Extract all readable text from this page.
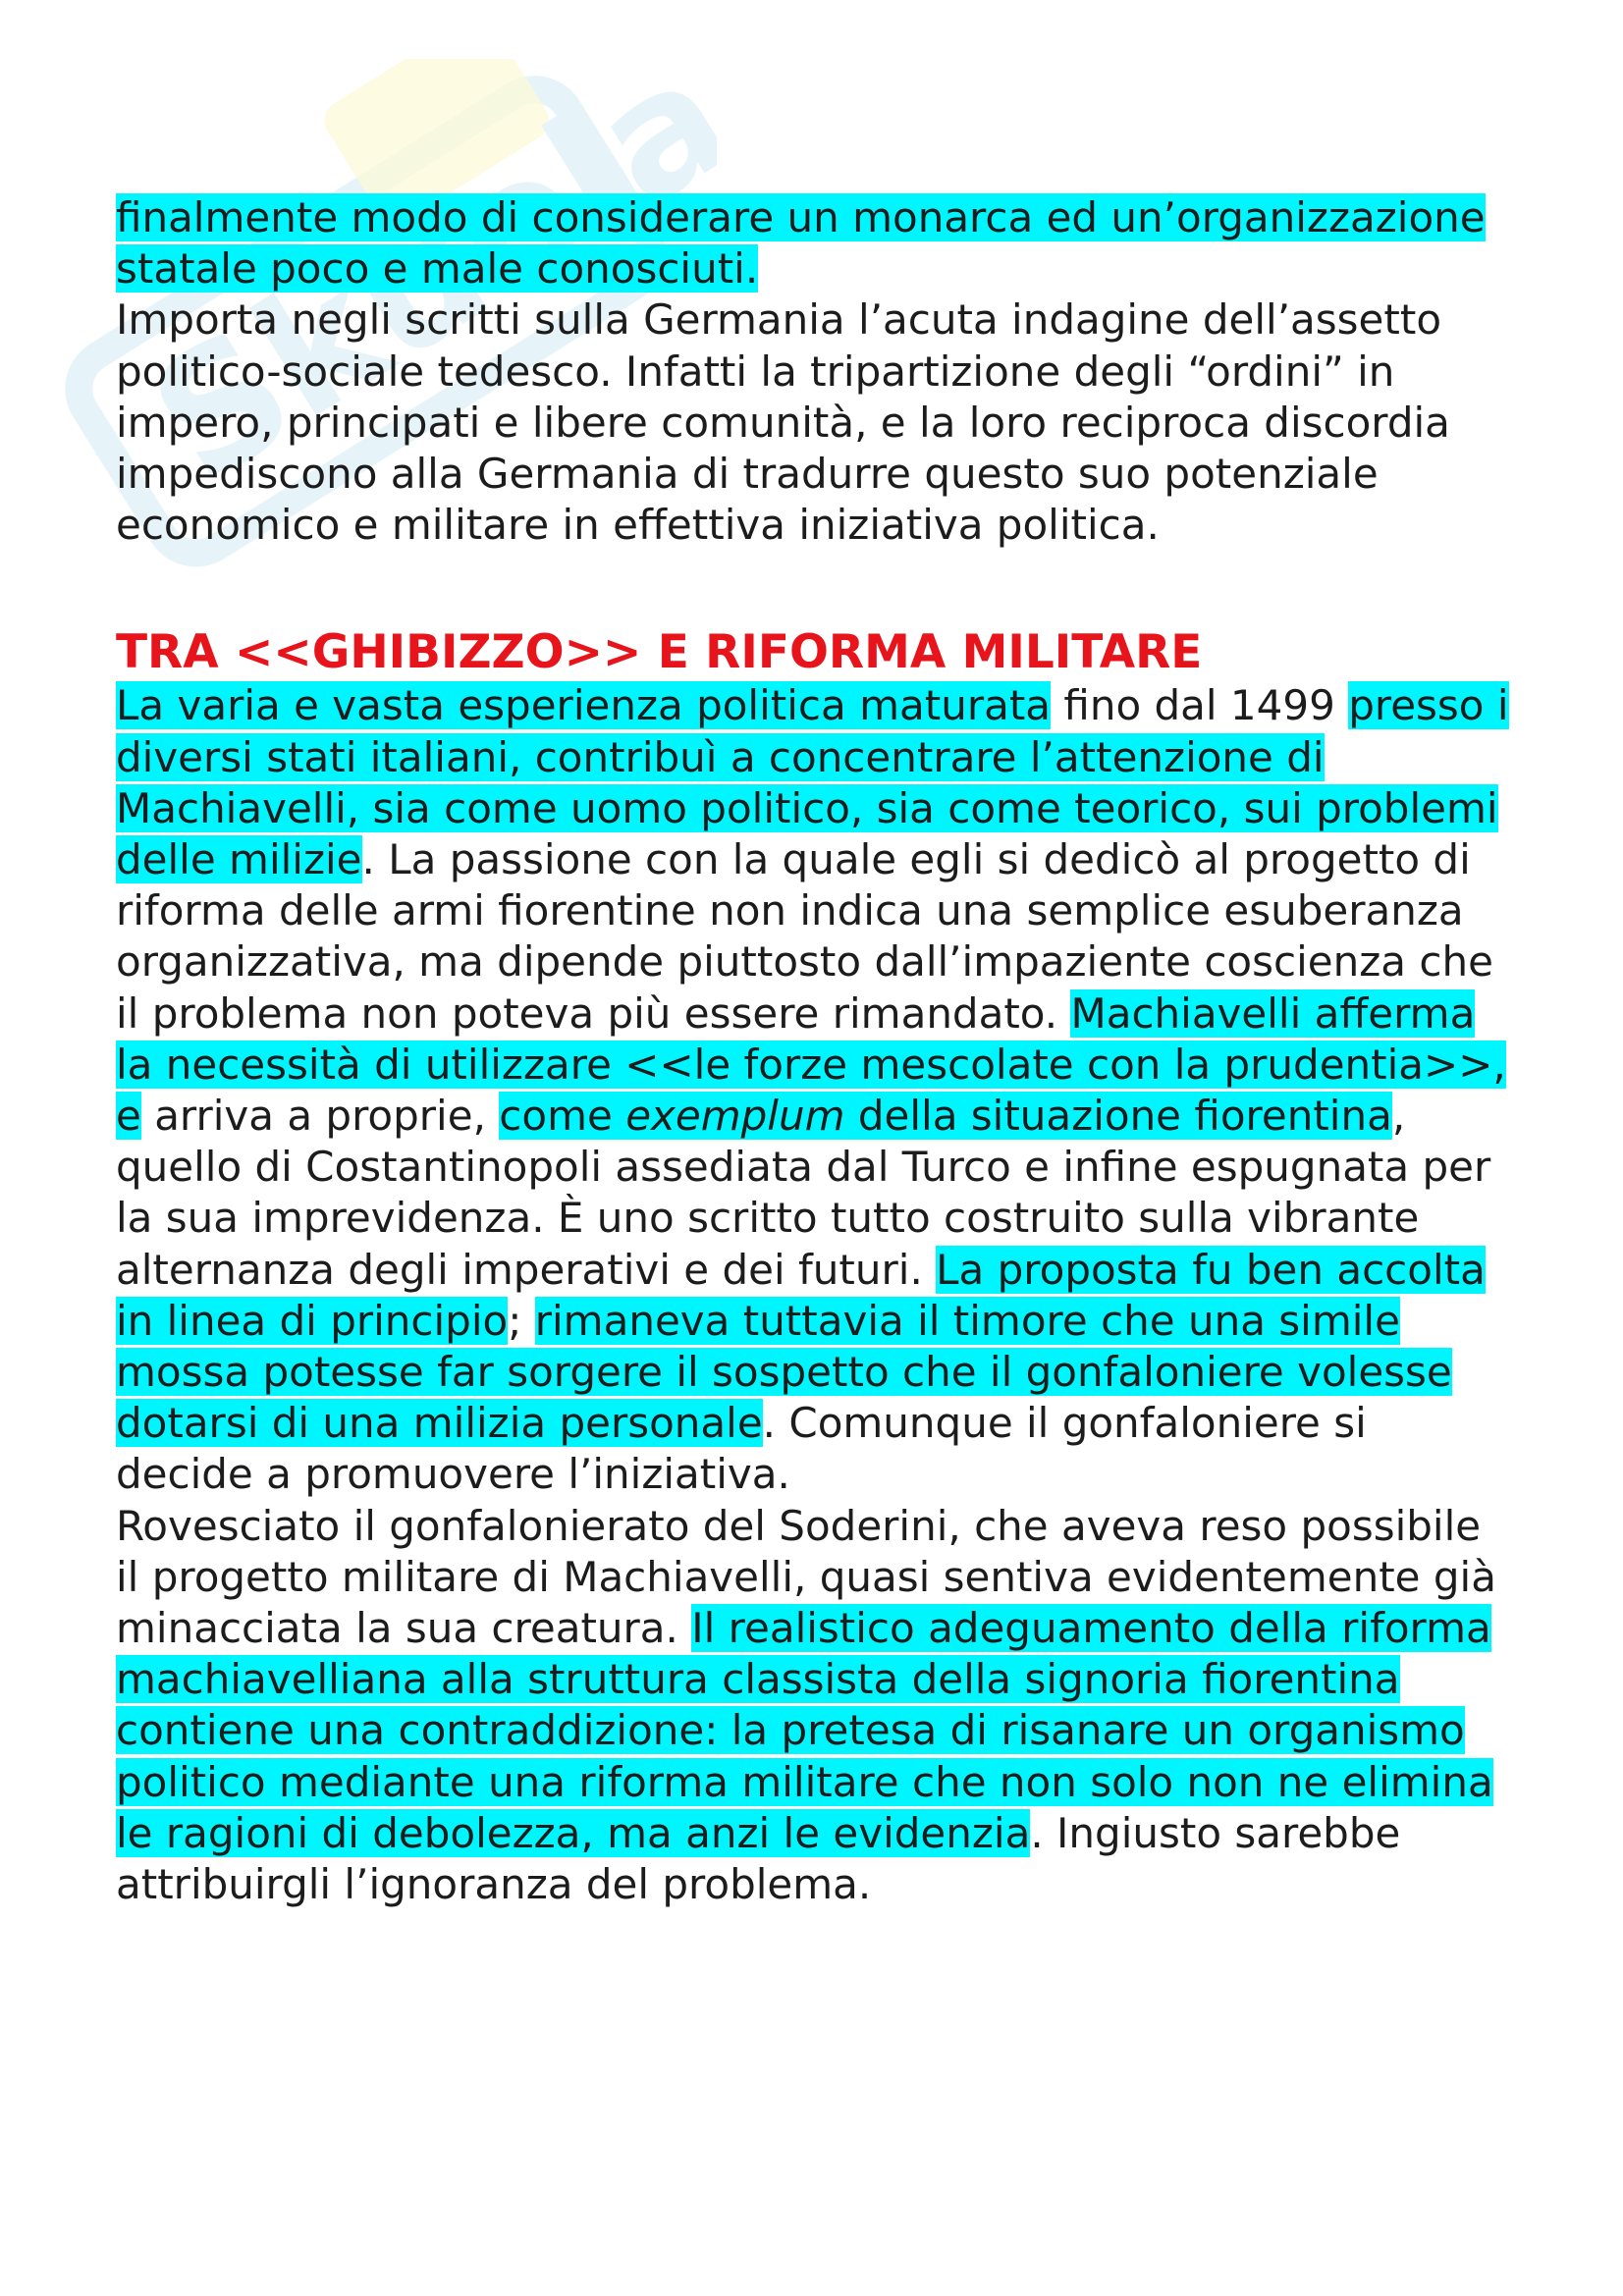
finalmente modo di considerare un monarca ed un’organizzazione statale poco e male conosciuti.
Importa negli scritti sulla Germania l’acuta indagine dell’assetto politico-sociale tedesco. Infatti la tripartizione degli “ordini” in impero, principati e libere comunità, e la loro reciproca discordia impediscono alla Germania di tradurre questo suo potenziale economico e militare in effettiva iniziativa politica.

TRA <<GHIBIZZO>> E RIFORMA MILITARE

La varia e vasta esperienza politica maturata fino dal 1499 presso i diversi stati italiani, contribuì a concentrare l’attenzione di Machiavelli, sia come uomo politico, sia come teorico, sui problemi delle milizie. La passione con la quale egli si dedicò al progetto di riforma delle armi fiorentine non indica una semplice esuberanza organizzativa, ma dipende piuttosto dall’impaziente coscienza che il problema non poteva più essere rimandato. Machiavelli afferma la necessità di utilizzare <<le forze mescolate con la prudentia>>, e arriva a proprie, come exemplum della situazione fiorentina, quello di Costantinopoli assediata dal Turco e infine espugnata per la sua imprevidenza. È uno scritto tutto costruito sulla vibrante alternanza degli imperativi e dei futuri. La proposta fu ben accolta in linea di principio; rimaneva tuttavia il timore che una simile mossa potesse far sorgere il sospetto che il gonfaloniere volesse dotarsi di una milizia personale. Comunque il gonfaloniere si decide a promuovere l’iniziativa.

Rovesciato il gonfalonierato del Soderini, che aveva reso possibile il progetto militare di Machiavelli, quasi sentiva evidentemente già minacciata la sua creatura. Il realistico adeguamento della riforma machiavelliana alla struttura classista della signoria fiorentina contiene una contraddizione: la pretesa di risanare un organismo politico mediante una riforma militare che non solo non ne elimina le ragioni di debolezza, ma anzi le evidenzia. Ingiusto sarebbe attribuirgli l’ignoranza del problema.
